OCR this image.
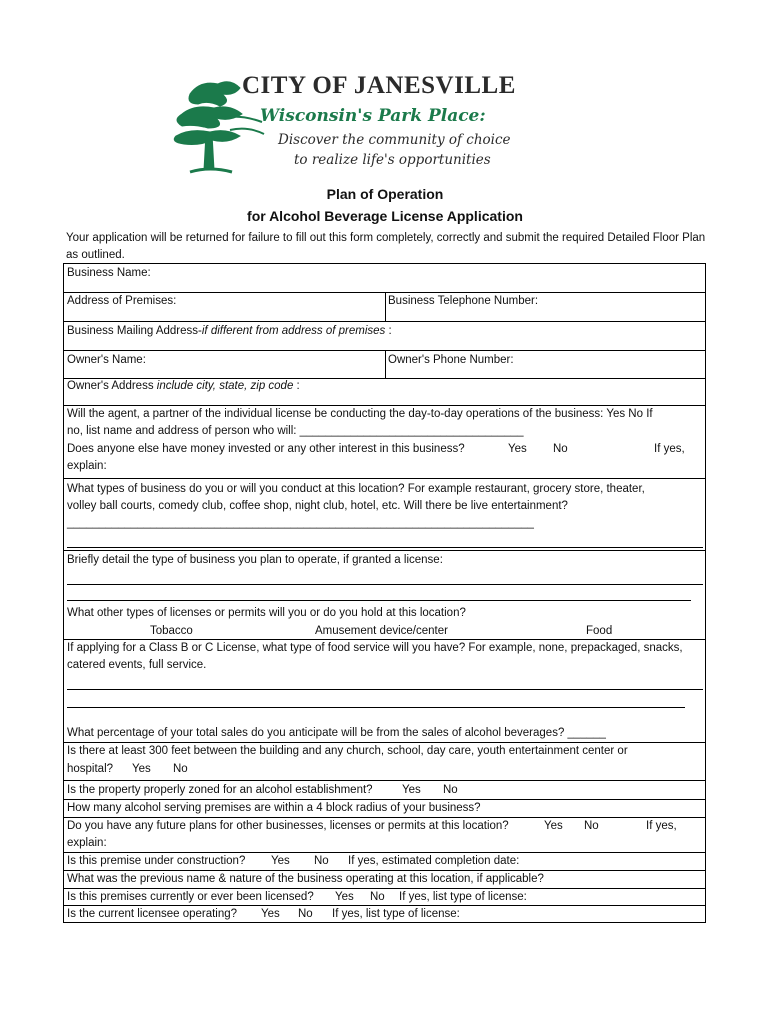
CITY OF JANESVILLE
Wisconsin's Park Place:
Discover the community of choice
to realize life's opportunities
Plan of Operation
for Alcohol Beverage License Application
Your application will be returned for failure to fill out this form completely, correctly and submit the required Detailed Floor Plan as outlined.
Business Name:
Address of Premises:	Business Telephone Number:
Business Mailing Address-if different from address of premises :
Owner's Name:	Owner's Phone Number:
Owner's Address include city, state, zip code :
Will the agent, a partner of the individual license be conducting the day-to-day operations of the business: Yes No If
no, list name and address of person who will: ___________________________________
Does anyone else have money invested or any other interest in this business?	Yes No	If yes,
explain:
What types of business do you or will you conduct at this location? For example restaurant, grocery store, theater,
volley ball courts, comedy club, coffee shop, night club, hotel, etc. Will there be live entertainment?
_________________________________________________________________________
Briefly detail the type of business you plan to operate, if granted a license:
What other types of licenses or permits will you or do you hold at this location?
Tobacco	Amusement device/center	Food
If applying for a Class B or C License, what type of food service will you have? For example, none, prepackaged, snacks,
catered events, full service.
What percentage of your total sales do you anticipate will be from the sales of alcohol beverages? ______
Is there at least 300 feet between the building and any church, school, day care, youth entertainment center or
hospital? Yes No
Is the property properly zoned for an alcohol establishment?	Yes No
How many alcohol serving premises are within a 4 block radius of your business?
Do you have any future plans for other businesses, licenses or permits at this location?	Yes No	If yes,
explain:
Is this premise under construction? Yes No If yes, estimated completion date:
What was the previous name & nature of the business operating at this location, if applicable?
Is this premises currently or ever been licensed? Yes No If yes, list type of license:
Is the current licensee operating? Yes No If yes, list type of license:
